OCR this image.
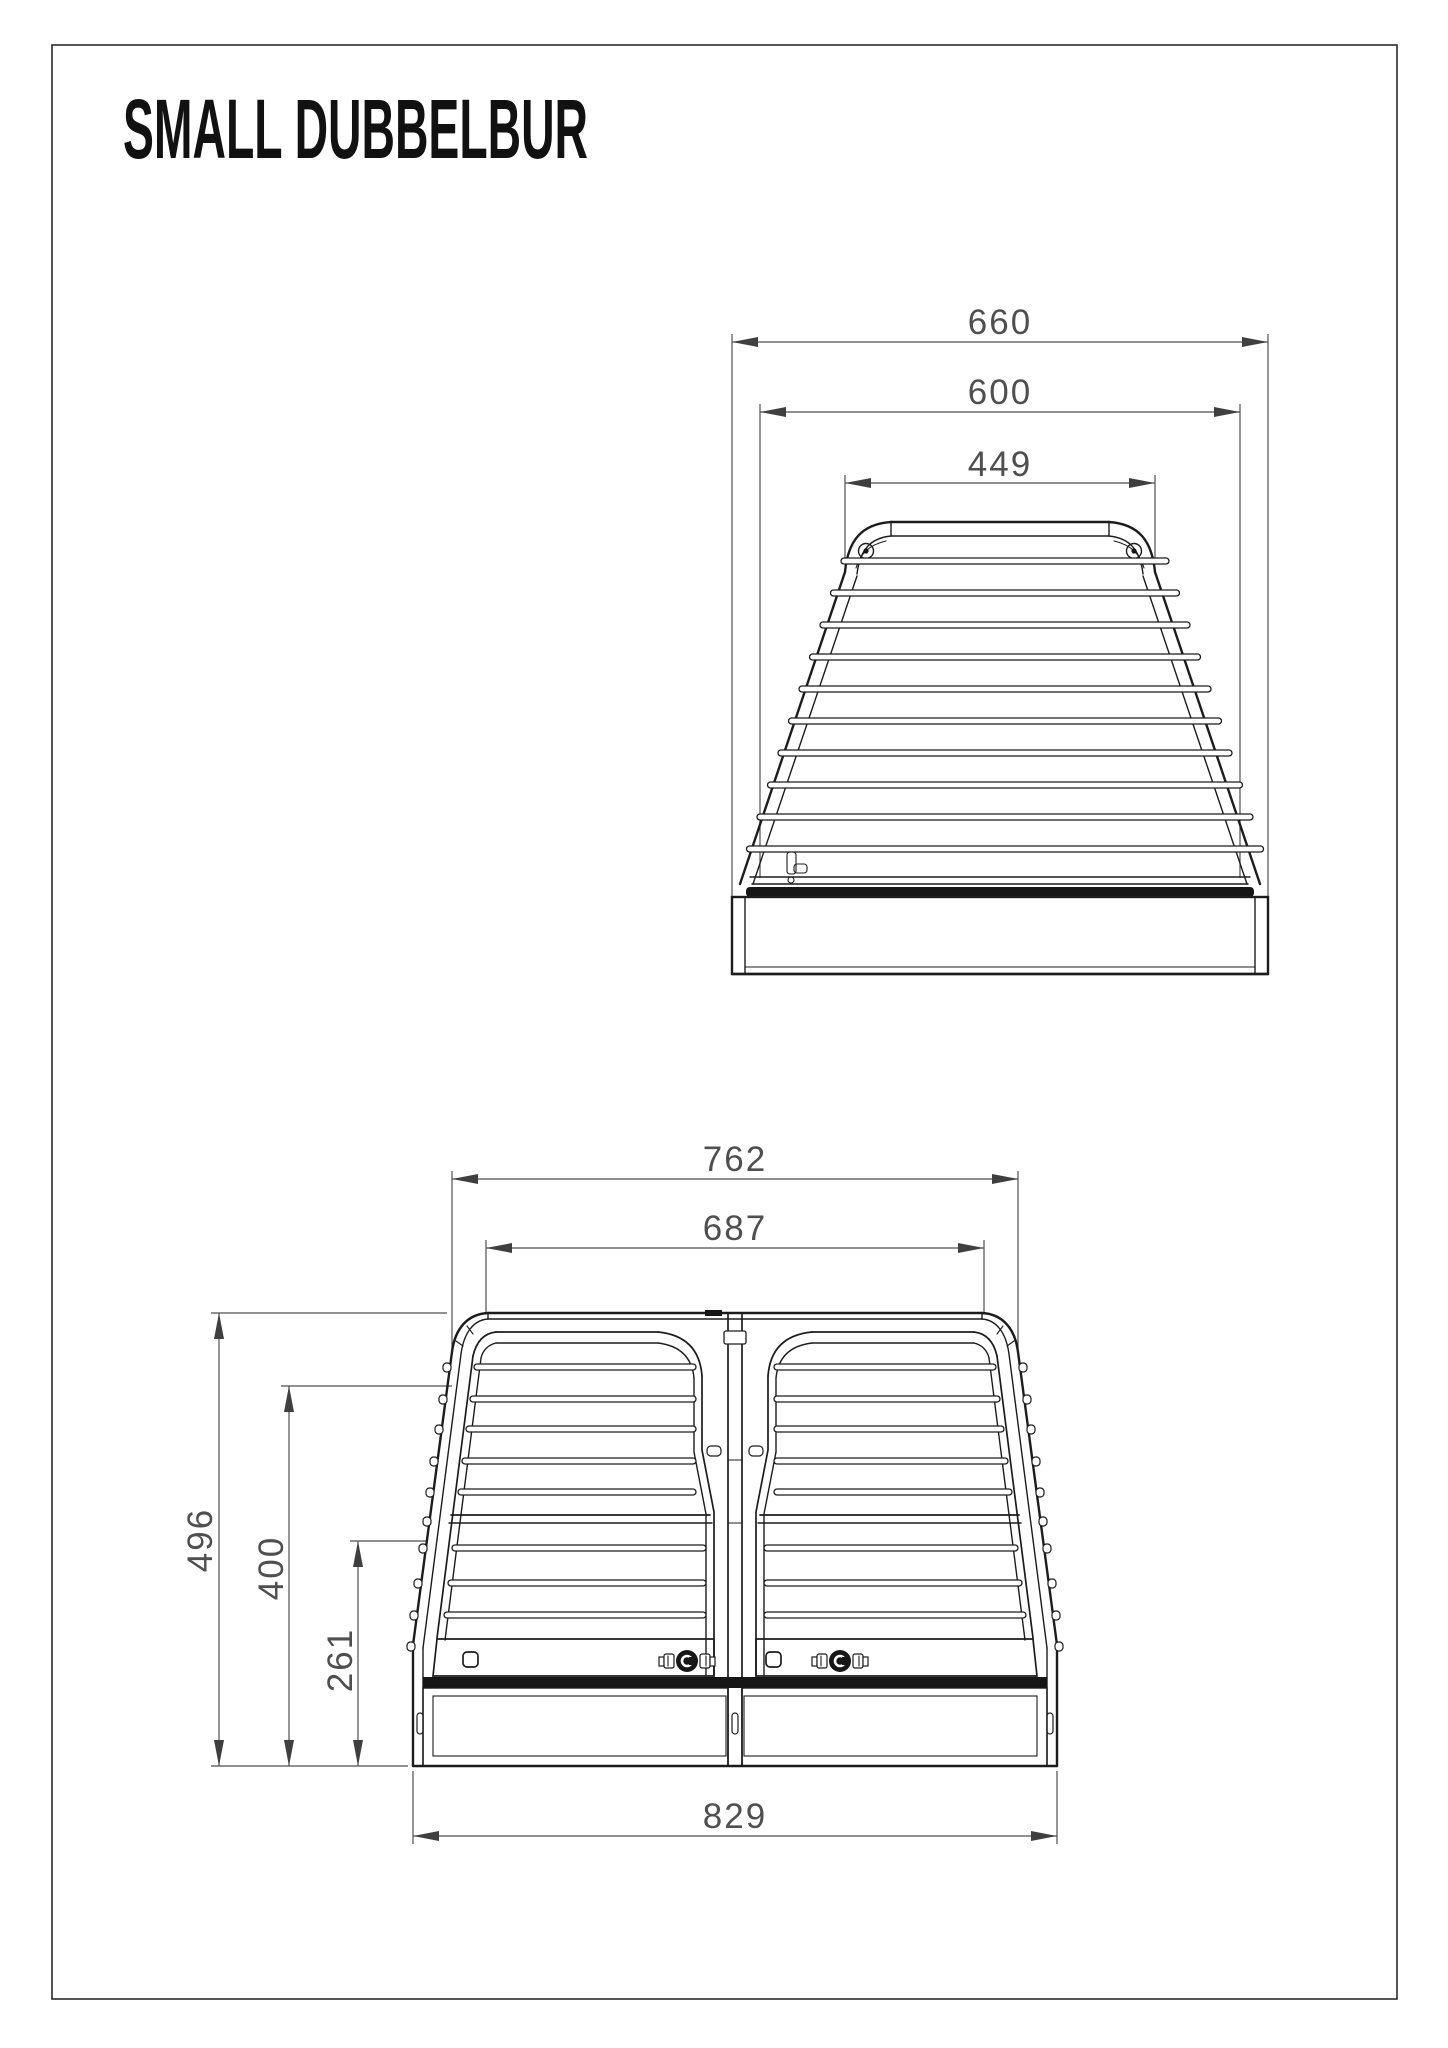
SMALL DUBBELBUR
660
600
449
762
687
496 400
261
829
